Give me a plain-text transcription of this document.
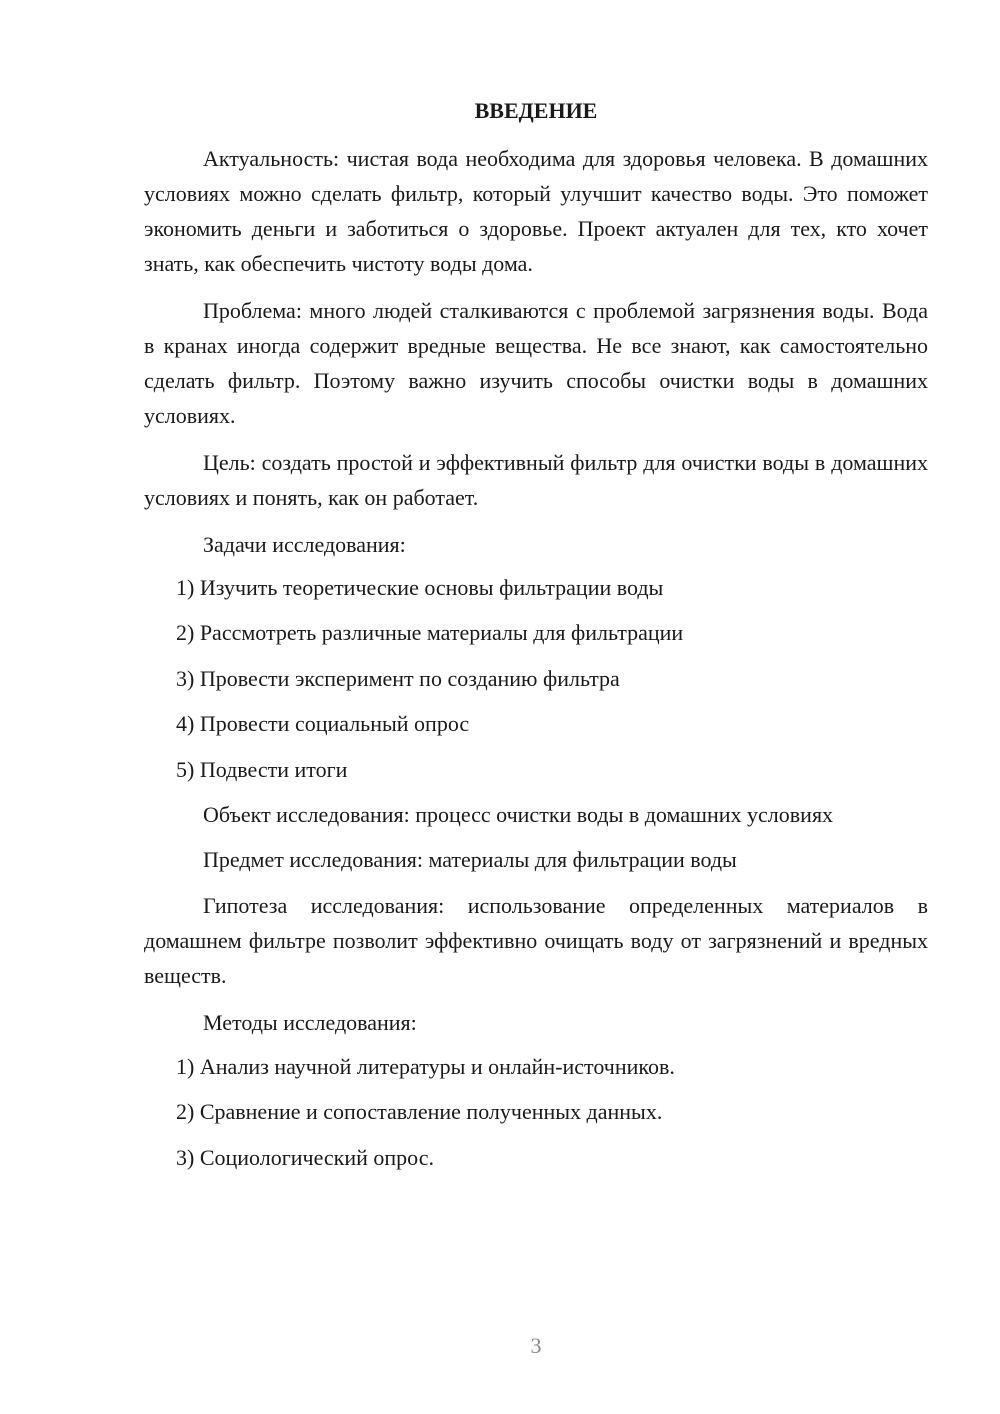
ВВЕДЕНИЕ

Актуальность: чистая вода необходима для здоровья человека. В домашних условиях можно сделать фильтр, который улучшит качество воды. Это поможет экономить деньги и заботиться о здоровье. Проект актуален для тех, кто хочет знать, как обеспечить чистоту воды дома.

Проблема: много людей сталкиваются с проблемой загрязнения воды. Вода в кранах иногда содержит вредные вещества. Не все знают, как самостоятельно сделать фильтр. Поэтому важно изучить способы очистки воды в домашних условиях.

Цель: создать простой и эффективный фильтр для очистки воды в домашних условиях и понять, как он работает.

Задачи исследования:

1) Изучить теоретические основы фильтрации воды

2) Рассмотреть различные материалы для фильтрации

3) Провести эксперимент по созданию фильтра

4) Провести социальный опрос

5) Подвести итоги

Объект исследования: процесс очистки воды в домашних условиях

Предмет исследования: материалы для фильтрации воды

Гипотеза исследования: использование определенных материалов в домашнем фильтре позволит эффективно очищать воду от загрязнений и вредных веществ.

Методы исследования:

1) Анализ научной литературы и онлайн-источников.

2) Сравнение и сопоставление полученных данных.

3) Социологический опрос.

3
